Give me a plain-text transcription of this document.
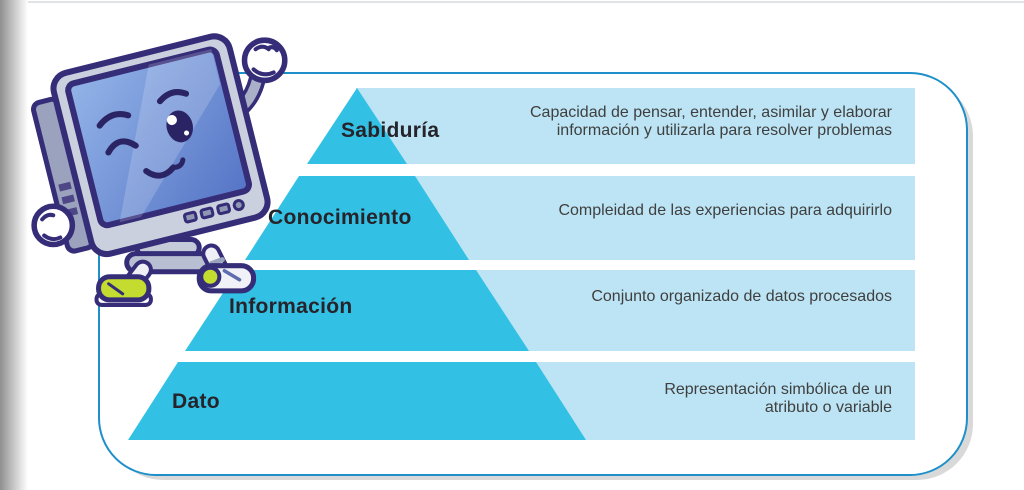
Sabiduría
Conocimiento
Información
Dato
Capacidad de pensar, entender, asimilar y elaborar información y utilizarla para resolver problemas
Compleidad de las experiencias para adquirirlo
Conjunto organizado de datos procesados
Representación simbólica de un atributo o variable
